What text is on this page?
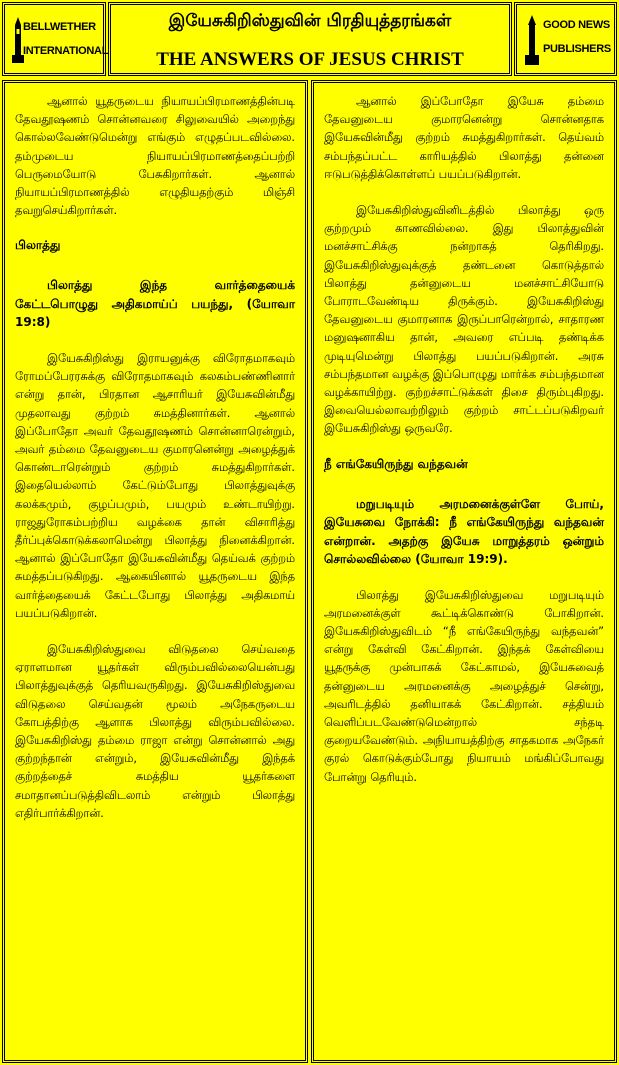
BELLWETHER
INTERNATIONAL
இயேசுகிறிஸ்துவின் பிரதியுத்தரங்கள்
THE ANSWERS OF JESUS CHRIST
GOOD NEWS
PUBLISHERS

ஆனால் யூதருடைய நியாயப்பிரமாணத்தின்படி தேவதூஷணம் சொன்னவரை சிலுவையில் அறைந்து கொல்லவேண்டுமென்று எங்கும் எழுதப்படவில்லை. தம்முடைய நியாயப்பிரமாணத்தைப்பற்றி பெருமையோடு பேசுகிறார்கள். ஆனால் நியாயப்பிரமாணத்தில் எழுதியதற்கும் மிஞ்சி தவறுசெய்கிறார்கள்.

பிலாத்து

பிலாத்து இந்த வார்த்தையைக் கேட்டபொழுது அதிகமாய்ப் பயந்து, (யோவா 19:8)

இயேசுகிறிஸ்து இராயனுக்கு விரோதமாகவும் ரோமப்பேரரசுக்கு விரோதமாகவும் கலகம்பண்ணினார் என்று தான், பிரதான ஆசாரியர் இயேசுவின்மீது முதலாவது குற்றம் சுமத்தினார்கள். ஆனால் இப்போதோ அவர் தேவதூஷணம் சொன்னாரென்றும், அவர் தம்மை தேவனுடைய குமாரனென்று அழைத்துக் கொண்டாரென்றும் குற்றம் சுமத்துகிறார்கள். இதையெல்லாம் கேட்டும்போது பிலாத்துவுக்கு கலக்கமும், குழப்பமும், பயமும் உண்டாயிற்று. ராஜதுரோகம்பற்றிய வழக்கை தான் விசாரித்து தீர்ப்புக்கொடுக்கலாமென்று பிலாத்து நினைக்கிறான். ஆனால் இப்போதோ இயேசுவின்மீது தெய்வக் குற்றம் சுமத்தப்படுகிறது. ஆகையினால் யூதருடைய இந்த வார்த்தையைக் கேட்டபோது பிலாத்து அதிகமாய் பயப்படுகிறான்.

இயேசுகிறிஸ்துவை விடுதலை செய்வதை ஏராளமான யூதர்கள் விரும்பவில்லையென்பது பிலாத்துவுக்குத் தெரியவருகிறது. இயேசுகிறிஸ்துவை விடுதலை செய்வதன் மூலம் அநேகருடைய கோபத்திற்கு ஆளாக பிலாத்து விரும்பவில்லை. இயேசுகிறிஸ்து தம்மை ராஜா என்று சொன்னால் அது குற்றந்தான் என்றும், இயேசுவின்மீது இந்தக் குற்றத்தைச் சுமத்திய யூதர்களை சமாதானப்படுத்திவிடலாம் என்றும் பிலாத்து எதிர்பார்க்கிறான்.

ஆனால் இப்போதோ இயேசு தம்மை தேவனுடைய குமாரனென்று சொன்னதாக இயேசுவின்மீது குற்றம் சுமத்துகிறார்கள். தெய்வம் சம்பந்தப்பட்ட காரியத்தில் பிலாத்து தன்னை ஈடுபடுத்திக்கொள்ளப் பயப்படுகிறான்.

இயேசுகிறிஸ்துவினிடத்தில் பிலாத்து ஒரு குற்றமும் காணவில்லை. இது பிலாத்துவின் மனச்சாட்சிக்கு நன்றாகத் தெரிகிறது. இயேசுகிறிஸ்துவுக்குத் தண்டனை கொடுத்தால் பிலாத்து தன்னுடைய மனச்சாட்சியோடு போராடவேண்டிய திருக்கும். இயேசுகிறிஸ்து தேவனுடைய குமாரனாக இருப்பாரென்றால், சாதாரண மனுஷனாகிய தான், அவரை எப்படி தண்டிக்க முடியுமென்று பிலாத்து பயப்படுகிறான். அரசு சம்பந்தமான வழக்கு இப்பொழுது மார்க்க சம்பந்தமான வழக்காயிற்று. குற்றச்சாட்டுக்கள் திசை திரும்புகிறது. இவையெல்லாவற்றிலும் குற்றம் சாட்டப்படுகிறவர் இயேசுகிறிஸ்து ஒருவரே.

நீ எங்கேயிருந்து வந்தவன்

மறுபடியும் அரமனைக்குள்ளே போய், இயேசுவை நோக்கி: நீ எங்கேயிருந்து வந்தவன் என்றான். அதற்கு இயேசு மாறுத்தரம் ஒன்றும் சொல்லவில்லை (யோவா 19:9).

பிலாத்து இயேசுகிறிஸ்துவை மறுபடியும் அரமனைக்குள் கூட்டிக்கொண்டு போகிறான். இயேசுகிறிஸ்துவிடம் “நீ எங்கேயிருந்து வந்தவன்” என்று கேள்வி கேட்கிறான். இந்தக் கேள்வியை யூதருக்கு முன்பாகக் கேட்காமல், இயேசுவைத் தன்னுடைய அரமனைக்கு அழைத்துச் சென்று, அவரிடத்தில் தனியாகக் கேட்கிறான். சத்தியம் வெளிப்படவேண்டுமென்றால் சந்தடி குறையவேண்டும். அநியாயத்திற்கு சாதகமாக அநேகர் குரல் கொடுக்கும்போது நியாயம் மங்கிப்போவது போன்று தெரியும்.
